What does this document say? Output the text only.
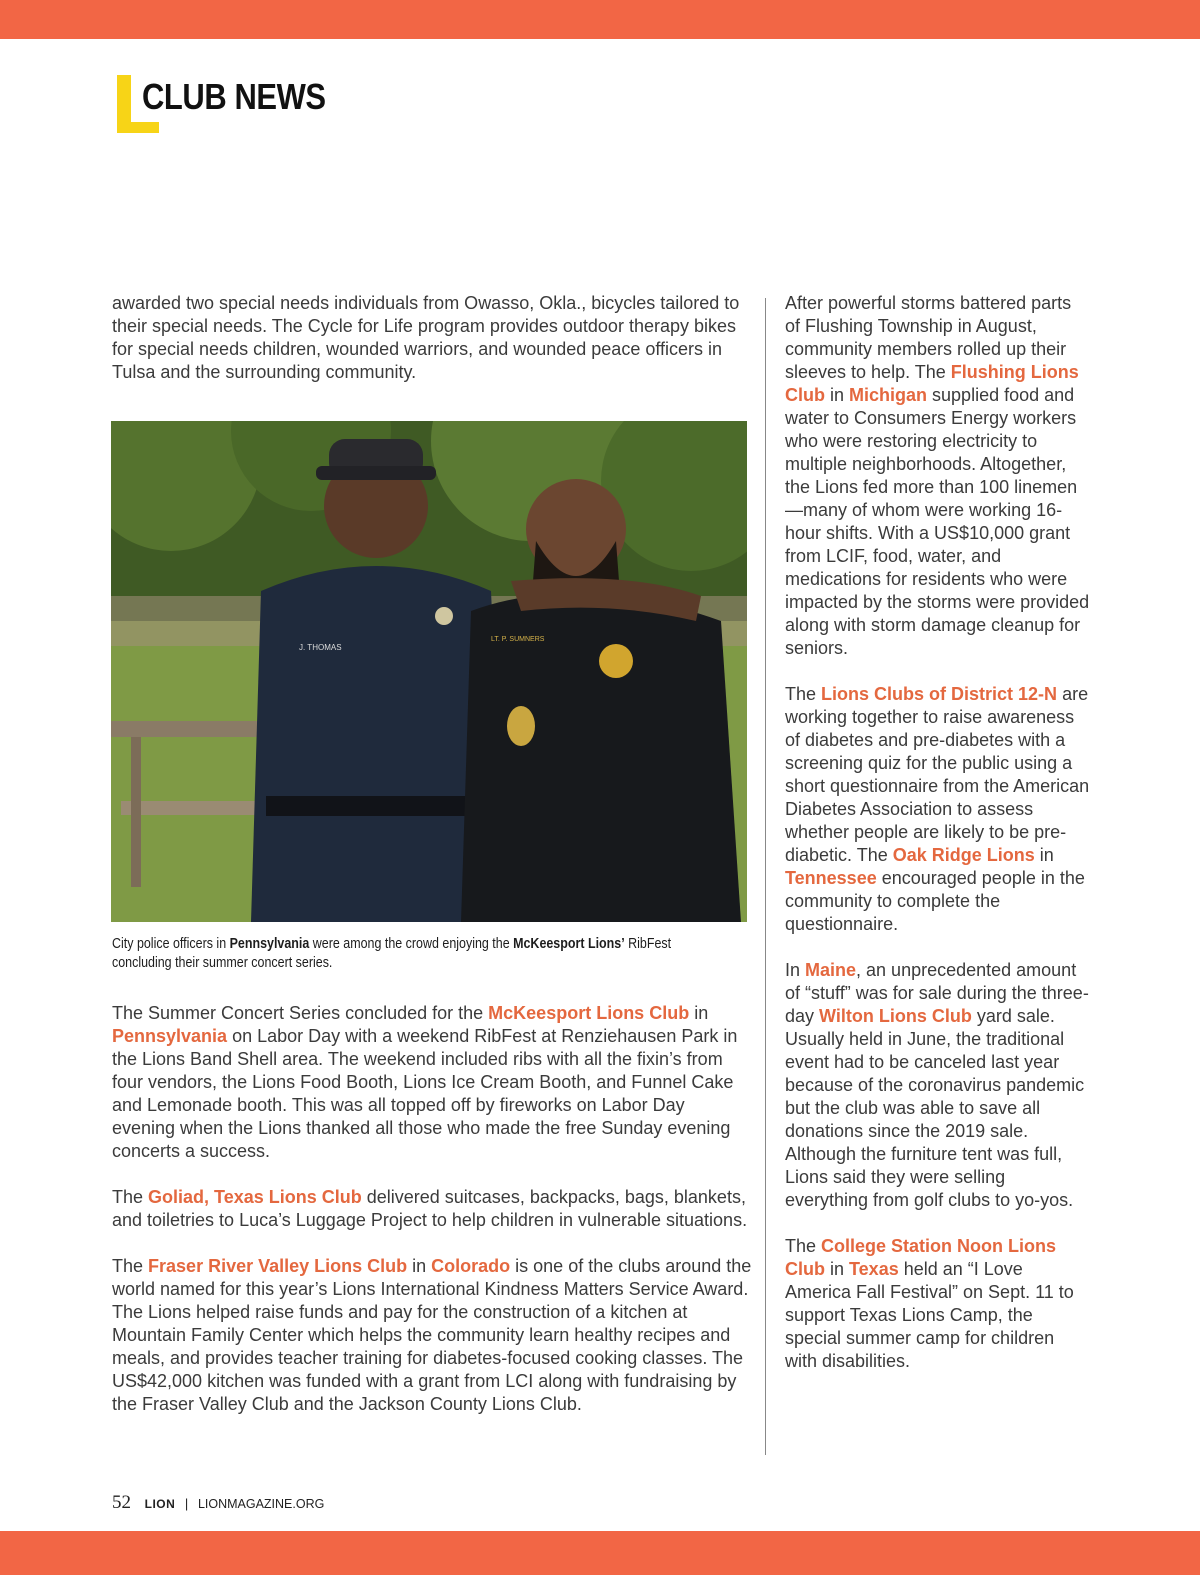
CLUB NEWS

awarded two special needs individuals from Owasso, Okla., bicycles tailored to their special needs. The Cycle for Life program provides outdoor therapy bikes for special needs children, wounded warriors, and wounded peace officers in Tulsa and the surrounding community.

J. THOMAS
LT. P. SUMNERS

City police officers in Pennsylvania were among the crowd enjoying the McKeesport Lions’ RibFest concluding their summer concert series.

The Summer Concert Series concluded for the McKeesport Lions Club in Pennsylvania on Labor Day with a weekend RibFest at Renziehausen Park in the Lions Band Shell area. The weekend included ribs with all the fixin’s from four vendors, the Lions Food Booth, Lions Ice Cream Booth, and Funnel Cake and Lemonade booth. This was all topped off by fireworks on Labor Day evening when the Lions thanked all those who made the free Sunday evening concerts a success.

The Goliad, Texas Lions Club delivered suitcases, backpacks, bags, blankets, and toiletries to Luca’s Luggage Project to help children in vulnerable situations.

The Fraser River Valley Lions Club in Colorado is one of the clubs around the world named for this year’s Lions International Kindness Matters Service Award. The Lions helped raise funds and pay for the construction of a kitchen at Mountain Family Center which helps the community learn healthy recipes and meals, and provides teacher training for diabetes-focused cooking classes. The US$42,000 kitchen was funded with a grant from LCI along with fundraising by the Fraser Valley Club and the Jackson County Lions Club.

After powerful storms battered parts of Flushing Township in August, community members rolled up their sleeves to help. The Flushing Lions Club in Michigan supplied food and water to Consumers Energy workers who were restoring electricity to multiple neighborhoods. Altogether, the Lions fed more than 100 linemen—many of whom were working 16-hour shifts. With a US$10,000 grant from LCIF, food, water, and medications for residents who were impacted by the storms were provided along with storm damage cleanup for seniors.

The Lions Clubs of District 12-N are working together to raise awareness of diabetes and pre-diabetes with a screening quiz for the public using a short questionnaire from the American Diabetes Association to assess whether people are likely to be pre-diabetic. The Oak Ridge Lions in Tennessee encouraged people in the community to complete the questionnaire.

In Maine, an unprecedented amount of “stuff” was for sale during the three-day Wilton Lions Club yard sale. Usually held in June, the traditional event had to be canceled last year because of the coronavirus pandemic but the club was able to save all donations since the 2019 sale. Although the furniture tent was full, Lions said they were selling everything from golf clubs to yo-yos.

The College Station Noon Lions Club in Texas held an “I Love America Fall Festival” on Sept. 11 to support Texas Lions Camp, the special summer camp for children with disabilities.

52 LION | LIONMAGAZINE.ORG
